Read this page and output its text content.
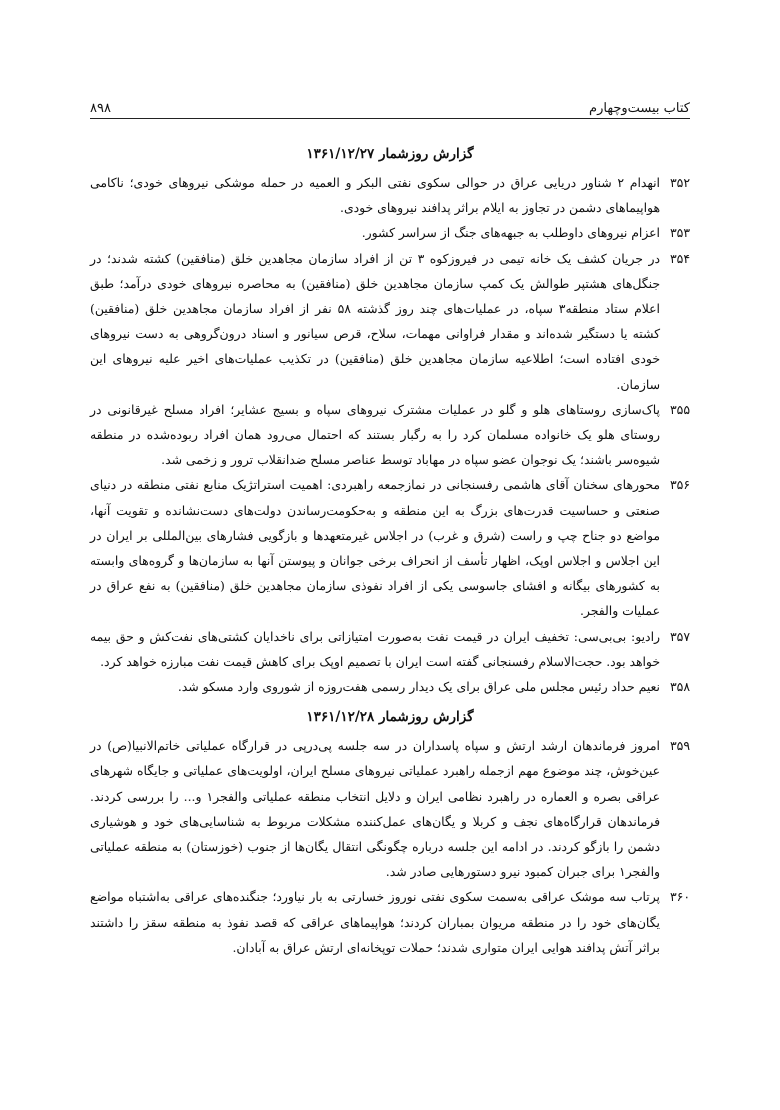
کتاب بیست‌وچهارم
۸۹۸
گزارش روزشمار ۱۳۶۱/۱۲/۲۷
۳۵۲
انهدام ۲ شناور دریایی عراق در حوالی سکوی نفتی البکر و العمیه در حمله موشکی نیروهای خودی؛ ناکامی هواپیماهای دشمن در تجاوز به ایلام براثر پدافند نیروهای خودی.
۳۵۳
اعزام نیروهای داوطلب به جبهه‌های جنگ از سراسر کشور.
۳۵۴
در جریان کشف یک خانه تیمی در فیروزکوه ۳ تن از افراد سازمان مجاهدین خلق (منافقین) کشته شدند؛ در جنگل‌های هشتپر طوالش یک کمپ سازمان مجاهدین خلق (منافقین) به محاصره نیروهای خودی درآمد؛ طبق اعلام ستاد منطقه۳ سپاه، در عملیات‌های چند روز گذشته ۵۸ نفر از افراد سازمان مجاهدین خلق (منافقین) کشته یا دستگیر شده‌اند و مقدار فراوانی مهمات، سلاح، قرص سیانور و اسناد درون‌گروهی به دست نیروهای خودی افتاده است؛ اطلاعیه سازمان مجاهدین خلق (منافقین) در تکذیب عملیات‌های اخیر علیه نیروهای این سازمان.
۳۵۵
پاک‌سازی روستاهای هلو و گلو در عملیات مشترک نیروهای سپاه و بسیج عشایر؛ افراد مسلح غیرقانونی در روستای هلو یک خانواده مسلمان کرد را به رگبار بستند که احتمال می‌رود همان افراد ربوده‌شده در منطقه شیوه‌سر باشند؛ یک نوجوان عضو سپاه در مهاباد توسط عناصر مسلح ضدانقلاب ترور و زخمی شد.
۳۵۶
محورهای سخنان آقای هاشمی رفسنجانی در نمازجمعه راهبردی: اهمیت استراتژیک منابع نفتی منطقه در دنیای صنعتی و حساسیت قدرت‌های بزرگ به این منطقه و به‌حکومت‌رساندن دولت‌های دست‌نشانده و تقویت آنها، مواضع دو جناح چپ و راست (شرق و غرب) در اجلاس غیرمتعهدها و بازگویی فشارهای بین‌المللی بر ایران در این اجلاس و اجلاس اوپک، اظهار تأسف از انحراف برخی جوانان و پیوستن آنها به سازمان‌ها و گروه‌های وابسته به کشورهای بیگانه و افشای جاسوسی یکی از افراد نفوذی سازمان مجاهدین خلق (منافقین) به نفع عراق در عملیات والفجر.
۳۵۷
رادیو: بی‌بی‌سی: تخفیف ایران در قیمت نفت به‌صورت امتیازاتی برای ناخدایان کشتی‌های نفت‌کش و حق بیمه خواهد بود. حجت‌الاسلام رفسنجانی گفته است ایران با تصمیم اوپک برای کاهش قیمت نفت مبارزه خواهد کرد.
۳۵۸
نعیم حداد رئیس مجلس ملی عراق برای یک دیدار رسمی هفت‌روزه از شوروی وارد مسکو شد.
گزارش روزشمار ۱۳۶۱/۱۲/۲۸
۳۵۹
امروز فرماندهان ارشد ارتش و سپاه پاسداران در سه جلسه پی‌درپی در قرارگاه عملیاتی خاتم‌الانبیا(ص) در عین‌خوش، چند موضوع مهم ازجمله راهبرد عملیاتی نیروهای مسلح ایران، اولویت‌های عملیاتی و جایگاه شهرهای عراقی بصره و العماره در راهبرد نظامی ایران و دلایل انتخاب منطقه عملیاتی والفجر۱ و... را بررسی کردند. فرماندهان قرارگاه‌های نجف و کربلا و یگان‌های عمل‌کننده مشکلات مربوط به شناسایی‌های خود و هوشیاری دشمن را بازگو کردند. در ادامه این جلسه درباره چگونگی انتقال یگان‌ها از جنوب (خوزستان) به منطقه عملیاتی والفجر۱ برای جبران کمبود نیرو دستورهایی صادر شد.
۳۶۰
پرتاب سه موشک عراقی به‌سمت سکوی نفتی نوروز خسارتی به بار نیاورد؛ جنگنده‌های عراقی به‌اشتباه مواضع یگان‌های خود را در منطقه مریوان بمباران کردند؛ هواپیماهای عراقی که قصد نفوذ به منطقه سقز را داشتند براثر آتش پدافند هوایی ایران متواری شدند؛ حملات توپخانه‌ای ارتش عراق به آبادان.
